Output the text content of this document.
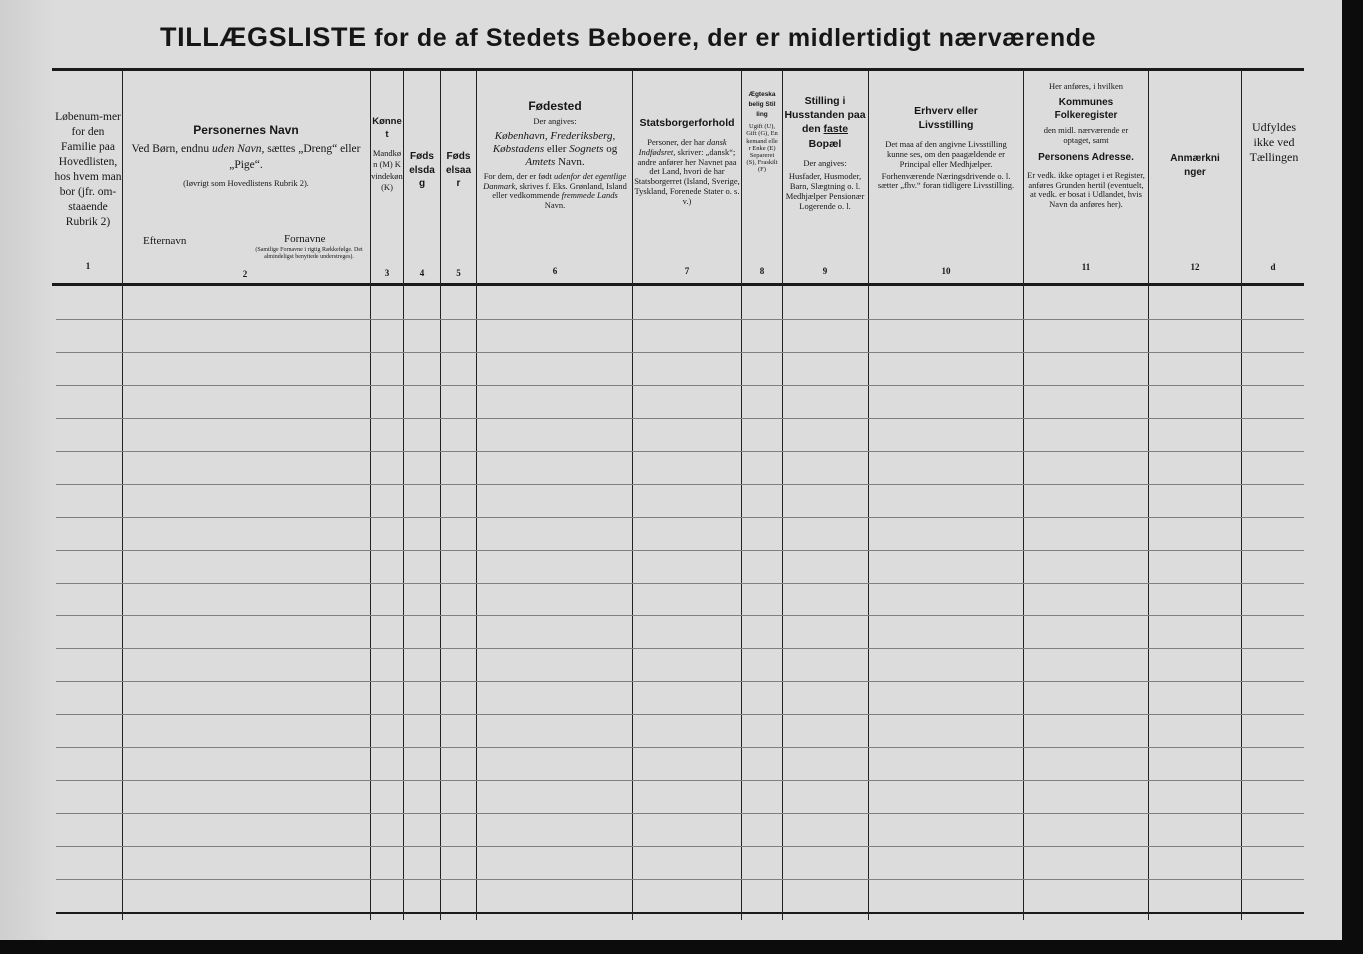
TILLÆGSLISTE for de af Stedets Beboere, der er midlertidigt nærværende
Løbenum-mer for den Familie paa Hovedlisten, hos hvem man bor (jfr. om-staaende Rubrik 2)
1
Personernes Navn
Ved Børn, endnu uden Navn, sættes „Dreng“ eller „Pige“.
(Iøvrigt som Hovedlistens Rubrik 2).
Efternavn	Fornavne
(Samtlige Fornavne i rigtig Rækkefølge. Det almindeligst benyttede understreges).
2
Kønnet
Mandkøn (M) Kvindekøn (K)
3
Fødselsdag
4
Fødselsaar
5
Fødested
Der angives:
København, Frederiksberg, Købstadens eller Sognets og Amtets Navn.
For dem, der er født udenfor det egentlige Danmark, skrives f. Eks. Grønland, Island eller vedkommende fremmede Lands Navn.
6
Statsborgerforhold
Personer, der har dansk Indfødsret, skriver: „dansk“; andre anfører her Navnet paa det Land, hvori de har Statsborgerret (Island, Sverige, Tyskland, Forenede Stater o. s. v.)
7
Ægteskabelig Stilling
Ugift (U), Gift (G), Enkemand eller Enke (E) Separeret (S), Fraskilt (F)
8
Stilling i Husstanden paa den faste
Bopæl
Der angives:
Husfader, Husmoder, Barn, Slægtning o. l. Medhjælper Pensionær Logerende o. l.
9
Erhverv eller Livsstilling
Det maa af den angivne Livsstilling kunne ses, om den paagældende er Principal eller Medhjælper.
Forhenværende Næringsdrivende o. l. sætter „fhv.“ foran tidligere Livsstilling.
10
Her anføres, i hvilken
Kommunes Folkeregister
den midl. nærværende er optaget, samt
Personens Adresse.
Er vedk. ikke optaget i et Register, anføres Grunden hertil (eventuelt, at vedk. er bosat i Udlandet, hvis Navn da anføres her).
11
Anmærkninger
12
Udfyldes ikke ved Tællingen
d
